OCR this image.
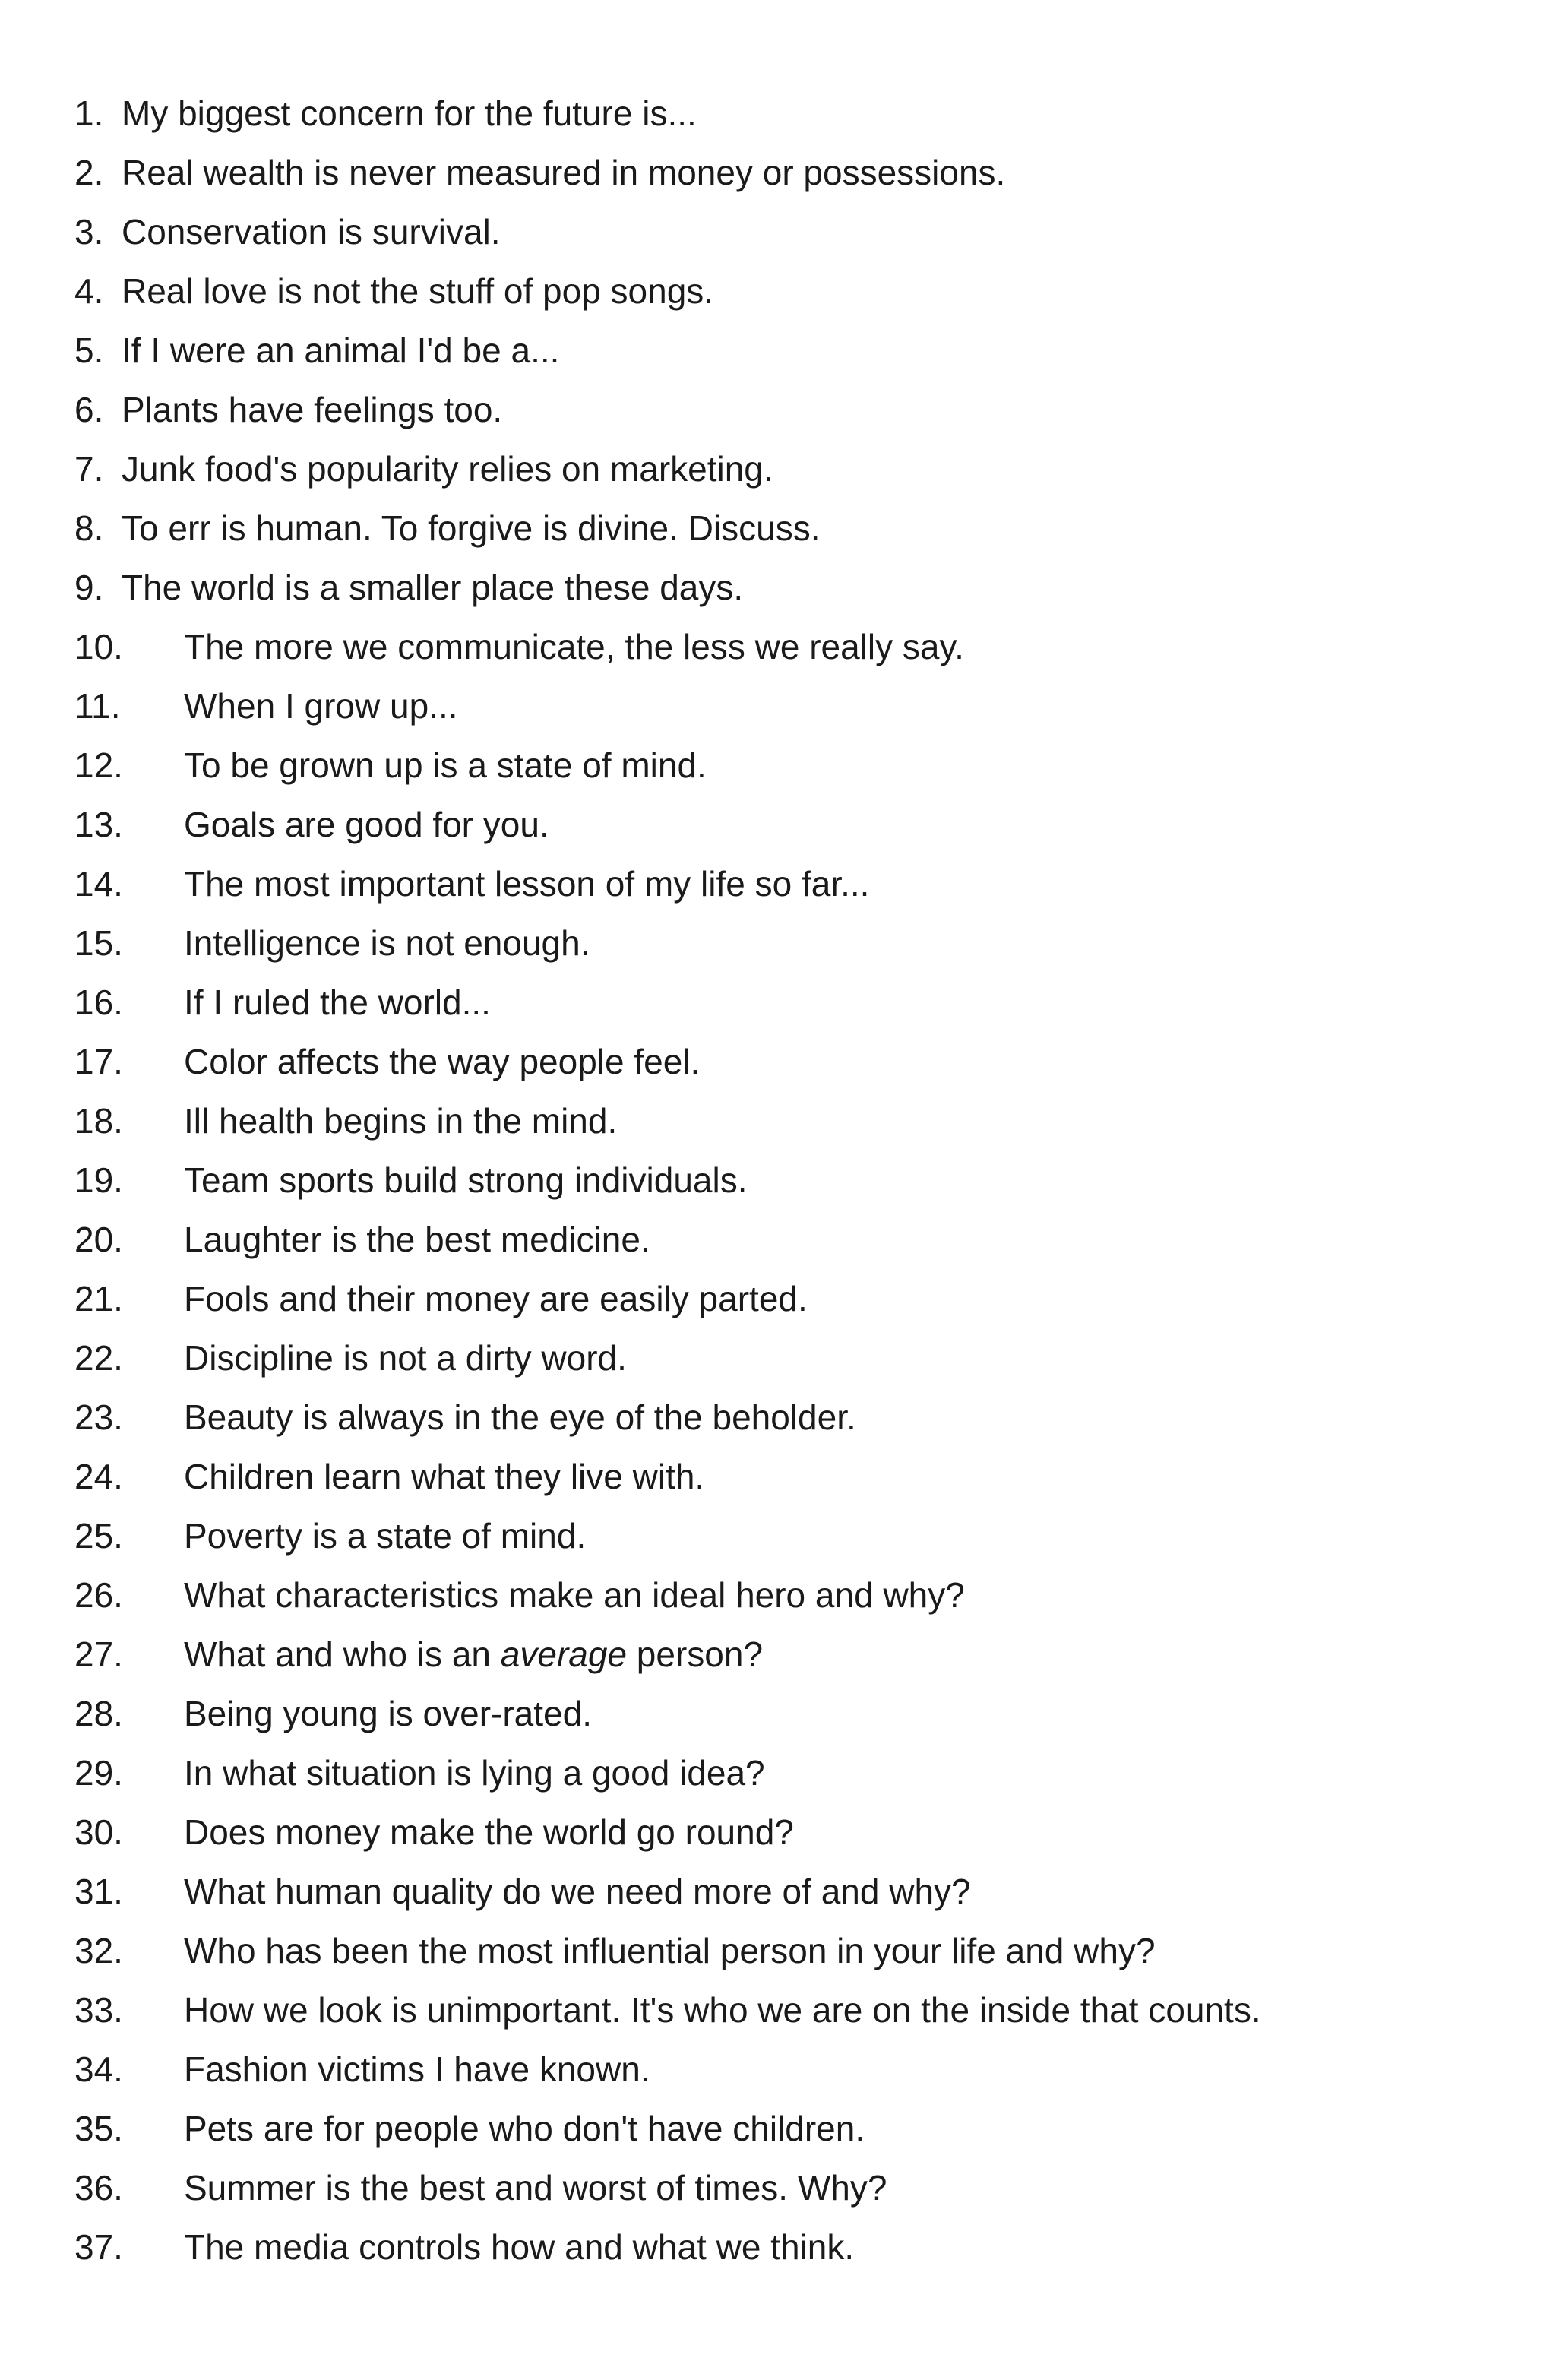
1. My biggest concern for the future is...
2. Real wealth is never measured in money or possessions.
3. Conservation is survival.
4. Real love is not the stuff of pop songs.
5. If I were an animal I'd be a...
6. Plants have feelings too.
7. Junk food's popularity relies on marketing.
8. To err is human. To forgive is divine. Discuss.
9. The world is a smaller place these days.
10. The more we communicate, the less we really say.
11. When I grow up...
12. To be grown up is a state of mind.
13. Goals are good for you.
14. The most important lesson of my life so far...
15. Intelligence is not enough.
16. If I ruled the world...
17. Color affects the way people feel.
18. Ill health begins in the mind.
19. Team sports build strong individuals.
20. Laughter is the best medicine.
21. Fools and their money are easily parted.
22. Discipline is not a dirty word.
23. Beauty is always in the eye of the beholder.
24. Children learn what they live with.
25. Poverty is a state of mind.
26. What characteristics make an ideal hero and why?
27. What and who is an average person?
28. Being young is over-rated.
29. In what situation is lying a good idea?
30. Does money make the world go round?
31. What human quality do we need more of and why?
32. Who has been the most influential person in your life and why?
33. How we look is unimportant. It's who we are on the inside that counts.
34. Fashion victims I have known.
35. Pets are for people who don't have children.
36. Summer is the best and worst of times. Why?
37. The media controls how and what we think.
